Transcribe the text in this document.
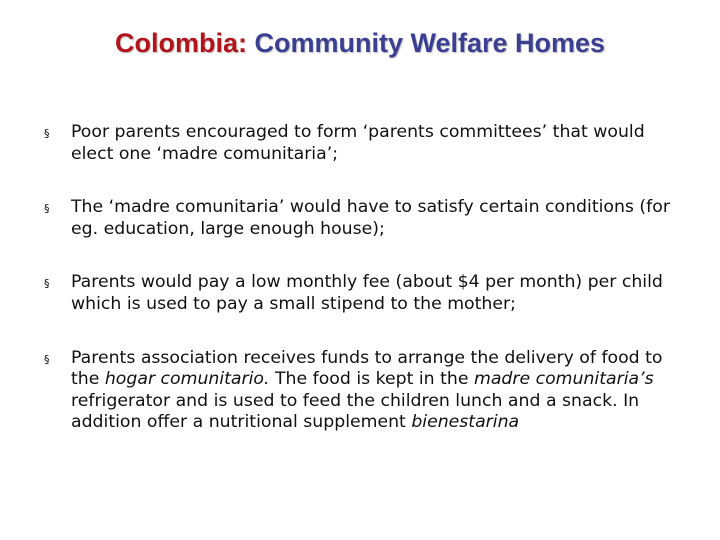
Colombia: Community Welfare Homes
§ Poor parents encouraged to form ‘parents committees’ that would elect one ‘madre comunitaria’;
§ The ‘madre comunitaria’ would have to satisfy certain conditions (for eg. education, large enough house);
§ Parents would pay a low monthly fee (about $4 per month) per child which is used to pay a small stipend to the mother;
§ Parents association receives funds to arrange the delivery of food to the hogar comunitario. The food is kept in the madre comunitaria’s refrigerator and is used to feed the children lunch and a snack. In addition offer a nutritional supplement bienestarina
